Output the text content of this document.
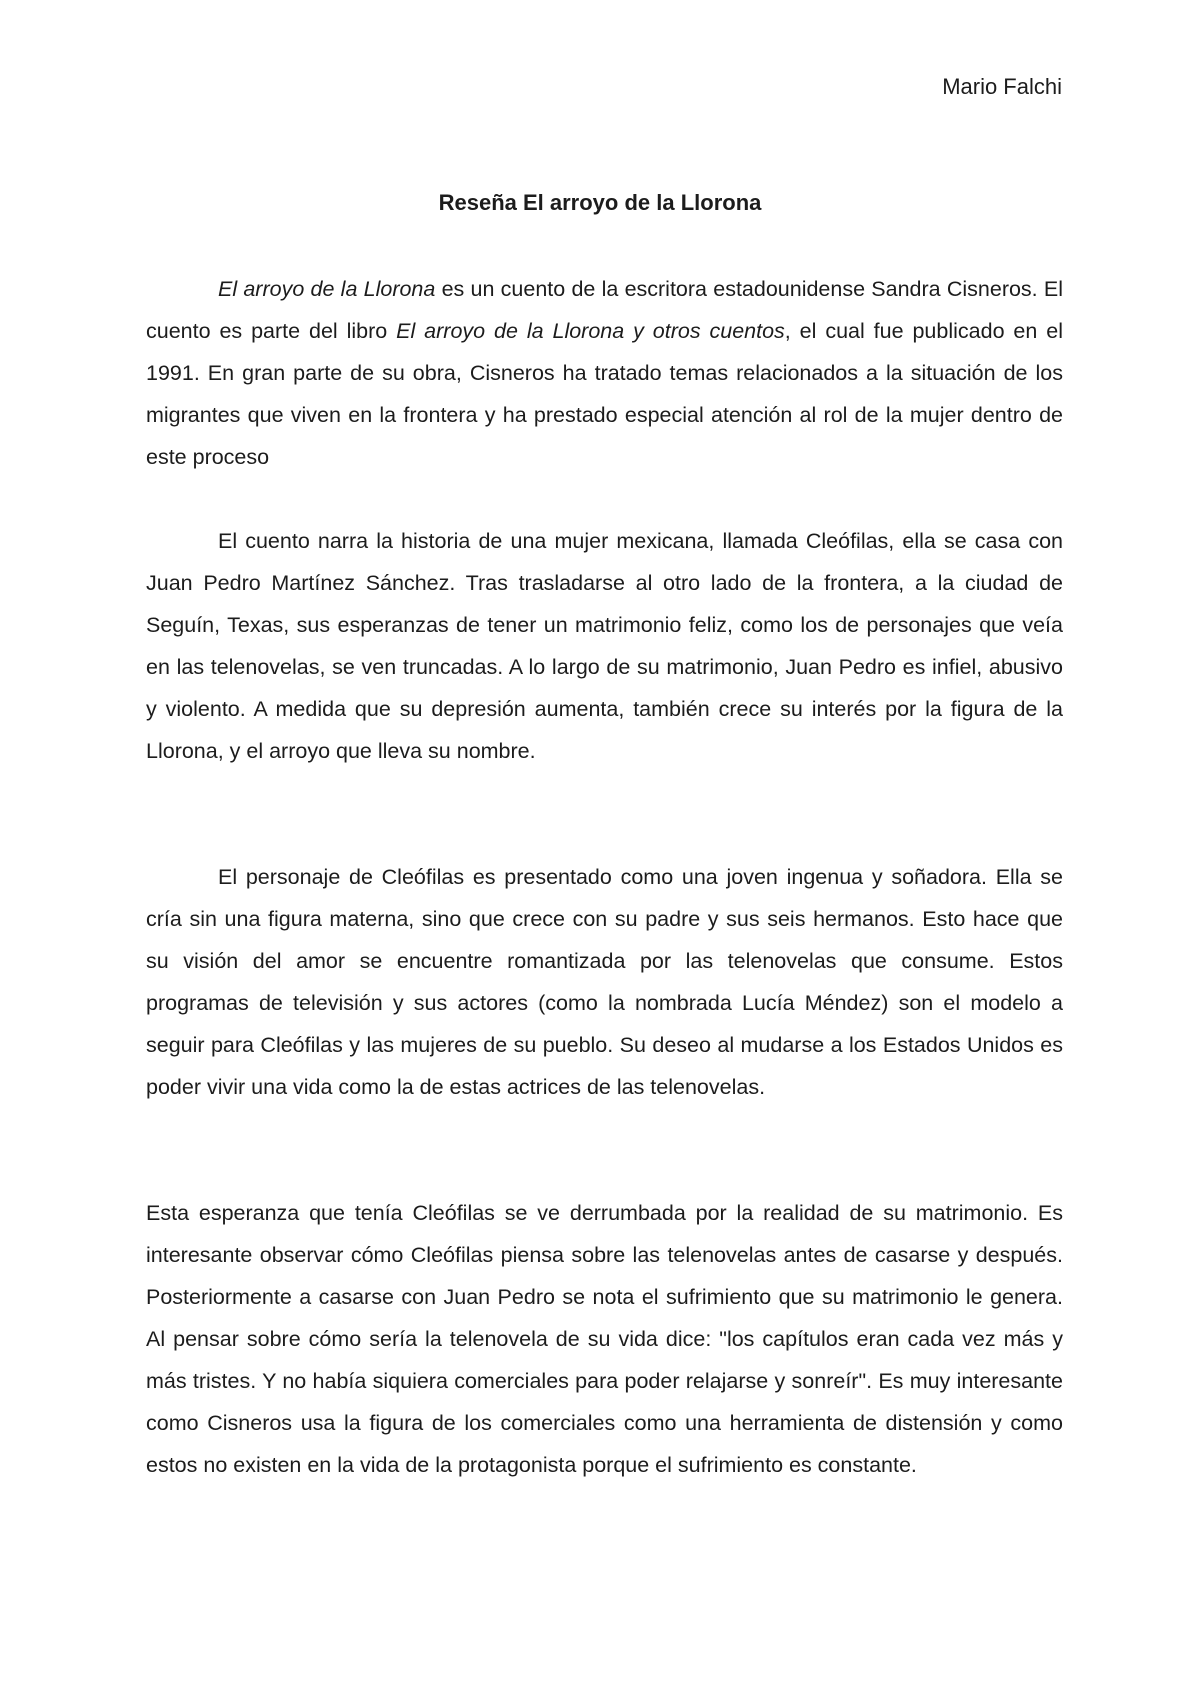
Mario Falchi
Reseña El arroyo de la Llorona

El arroyo de la Llorona es un cuento de la escritora estadounidense Sandra Cisneros. El cuento es parte del libro El arroyo de la Llorona y otros cuentos, el cual fue publicado en el 1991. En gran parte de su obra, Cisneros ha tratado temas relacionados a la situación de los migrantes que viven en la frontera y ha prestado especial atención al rol de la mujer dentro de este proceso

El cuento narra la historia de una mujer mexicana, llamada Cleófilas, ella se casa con Juan Pedro Martínez Sánchez. Tras trasladarse al otro lado de la frontera, a la ciudad de Seguín, Texas, sus esperanzas de tener un matrimonio feliz, como los de personajes que veía en las telenovelas, se ven truncadas. A lo largo de su matrimonio, Juan Pedro es infiel, abusivo y violento. A medida que su depresión aumenta, también crece su interés por la figura de la Llorona, y el arroyo que lleva su nombre.

El personaje de Cleófilas es presentado como una joven ingenua y soñadora. Ella se cría sin una figura materna, sino que crece con su padre y sus seis hermanos. Esto hace que su visión del amor se encuentre romantizada por las telenovelas que consume. Estos programas de televisión y sus actores (como la nombrada Lucía Méndez) son el modelo a seguir para Cleófilas y las mujeres de su pueblo. Su deseo al mudarse a los Estados Unidos es poder vivir una vida como la de estas actrices de las telenovelas.

Esta esperanza que tenía Cleófilas se ve derrumbada por la realidad de su matrimonio. Es interesante observar cómo Cleófilas piensa sobre las telenovelas antes de casarse y después. Posteriormente a casarse con Juan Pedro se nota el sufrimiento que su matrimonio le genera. Al pensar sobre cómo sería la telenovela de su vida dice: "los capítulos eran cada vez más y más tristes. Y no había siquiera comerciales para poder relajarse y sonreír". Es muy interesante como Cisneros usa la figura de los comerciales como una herramienta de distensión y como estos no existen en la vida de la protagonista porque el sufrimiento es constante.
